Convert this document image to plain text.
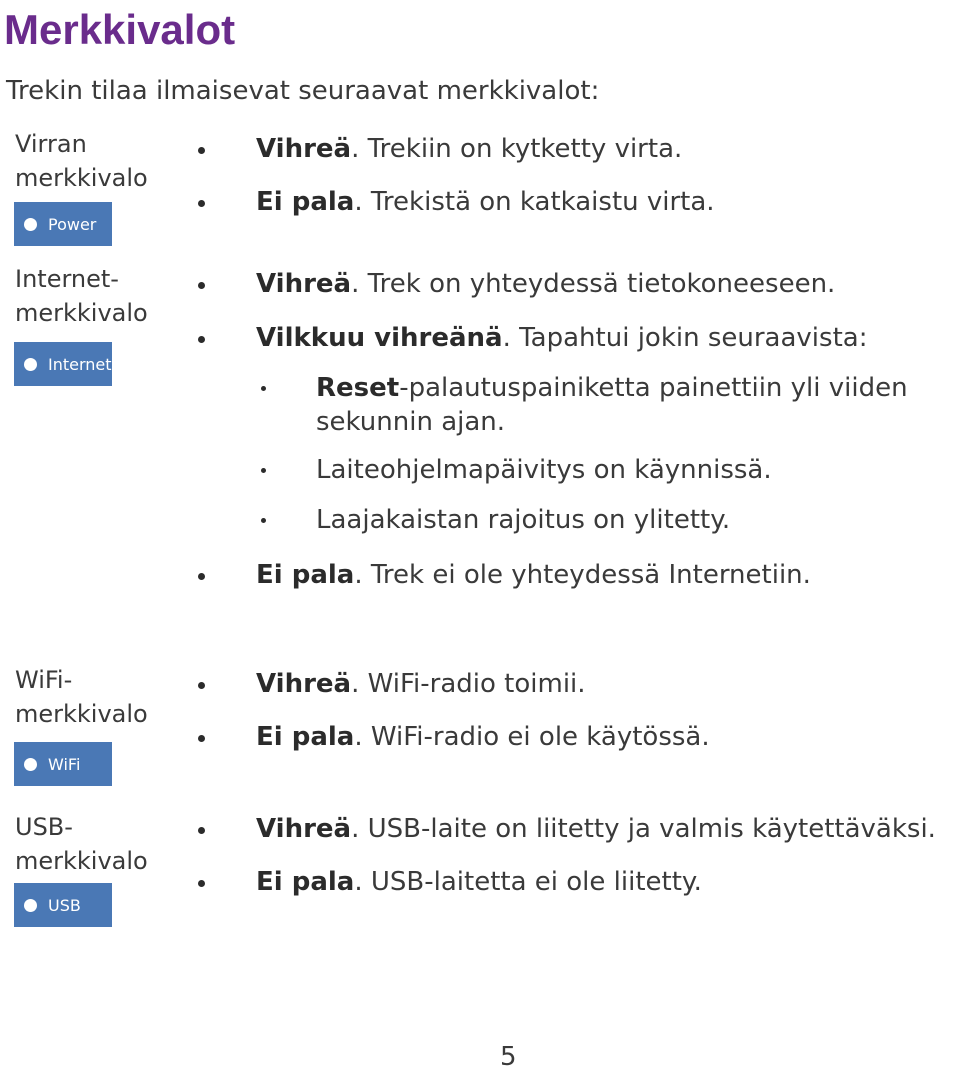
Merkkivalot
Trekin tilaa ilmaisevat seuraavat merkkivalot:
Virran
merkkivalo
Power
Vihreä. Trekiin on kytketty virta.
Ei pala. Trekistä on katkaistu virta.
Internet-
merkkivalo
Internet
Vihreä. Trek on yhteydessä tietokoneeseen.
Vilkkuu vihreänä. Tapahtui jokin seuraavista:
Reset-palautuspainiketta painettiin yli viiden sekunnin ajan.
Laiteohjelmapäivitys on käynnissä.
Laajakaistan rajoitus on ylitetty.
Ei pala. Trek ei ole yhteydessä Internetiin.
WiFi-
merkkivalo
WiFi
Vihreä. WiFi-radio toimii.
Ei pala. WiFi-radio ei ole käytössä.
USB-
merkkivalo
USB
Vihreä. USB-laite on liitetty ja valmis käytettäväksi.
Ei pala. USB-laitetta ei ole liitetty.
5
